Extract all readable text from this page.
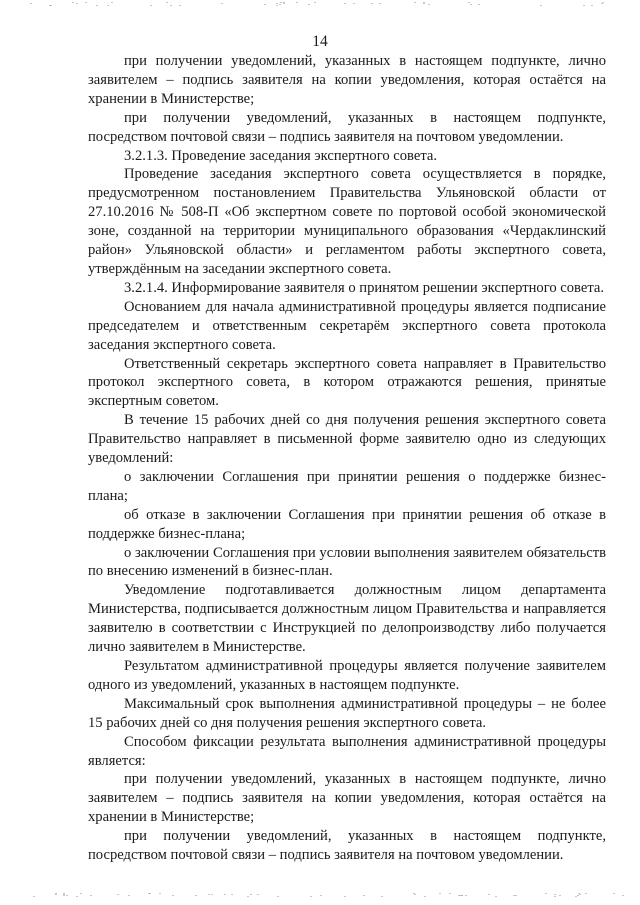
14

при получении уведомлений, указанных в настоящем подпункте, лично заявителем – подпись заявителя на копии уведомления, которая остаётся на хранении в Министерстве;

при получении уведомлений, указанных в настоящем подпункте, посредством почтовой связи – подпись заявителя на почтовом уведомлении.

3.2.1.3. Проведение заседания экспертного совета.

Проведение заседания экспертного совета осуществляется в порядке, предусмотренном постановлением Правительства Ульяновской области от 27.10.2016 № 508-П «Об экспертном совете по портовой особой экономической зоне, созданной на территории муниципального образования «Чердаклинский район» Ульяновской области» и регламентом работы экспертного совета, утверждённым на заседании экспертного совета.

3.2.1.4. Информирование заявителя о принятом решении экспертного совета.

Основанием для начала административной процедуры является подписание председателем и ответственным секретарём экспертного совета протокола заседания экспертного совета.

Ответственный секретарь экспертного совета направляет в Правительство протокол экспертного совета, в котором отражаются решения, принятые экспертным советом.

В течение 15 рабочих дней со дня получения решения экспертного совета Правительство направляет в письменной форме заявителю одно из следующих уведомлений:

о заключении Соглашения при принятии решения о поддержке бизнес-плана;

об отказе в заключении Соглашения при принятии решения об отказе в поддержке бизнес-плана;

о заключении Соглашения при условии выполнения заявителем обязательств по внесению изменений в бизнес-план.

Уведомление подготавливается должностным лицом департамента Министерства, подписывается должностным лицом Правительства и направляется заявителю в соответствии с Инструкцией по делопроизводству либо получается лично заявителем в Министерстве.

Результатом административной процедуры является получение заявителем одного из уведомлений, указанных в настоящем подпункте.

Максимальный срок выполнения административной процедуры – не более 15 рабочих дней со дня получения решения экспертного совета.

Способом фиксации результата выполнения административной процедуры является:

при получении уведомлений, указанных в настоящем подпункте, лично заявителем – подпись заявителя на копии уведомления, которая остаётся на хранении в Министерстве;

при получении уведомлений, указанных в настоящем подпункте, посредством почтовой связи – подпись заявителя на почтовом уведомлении.
